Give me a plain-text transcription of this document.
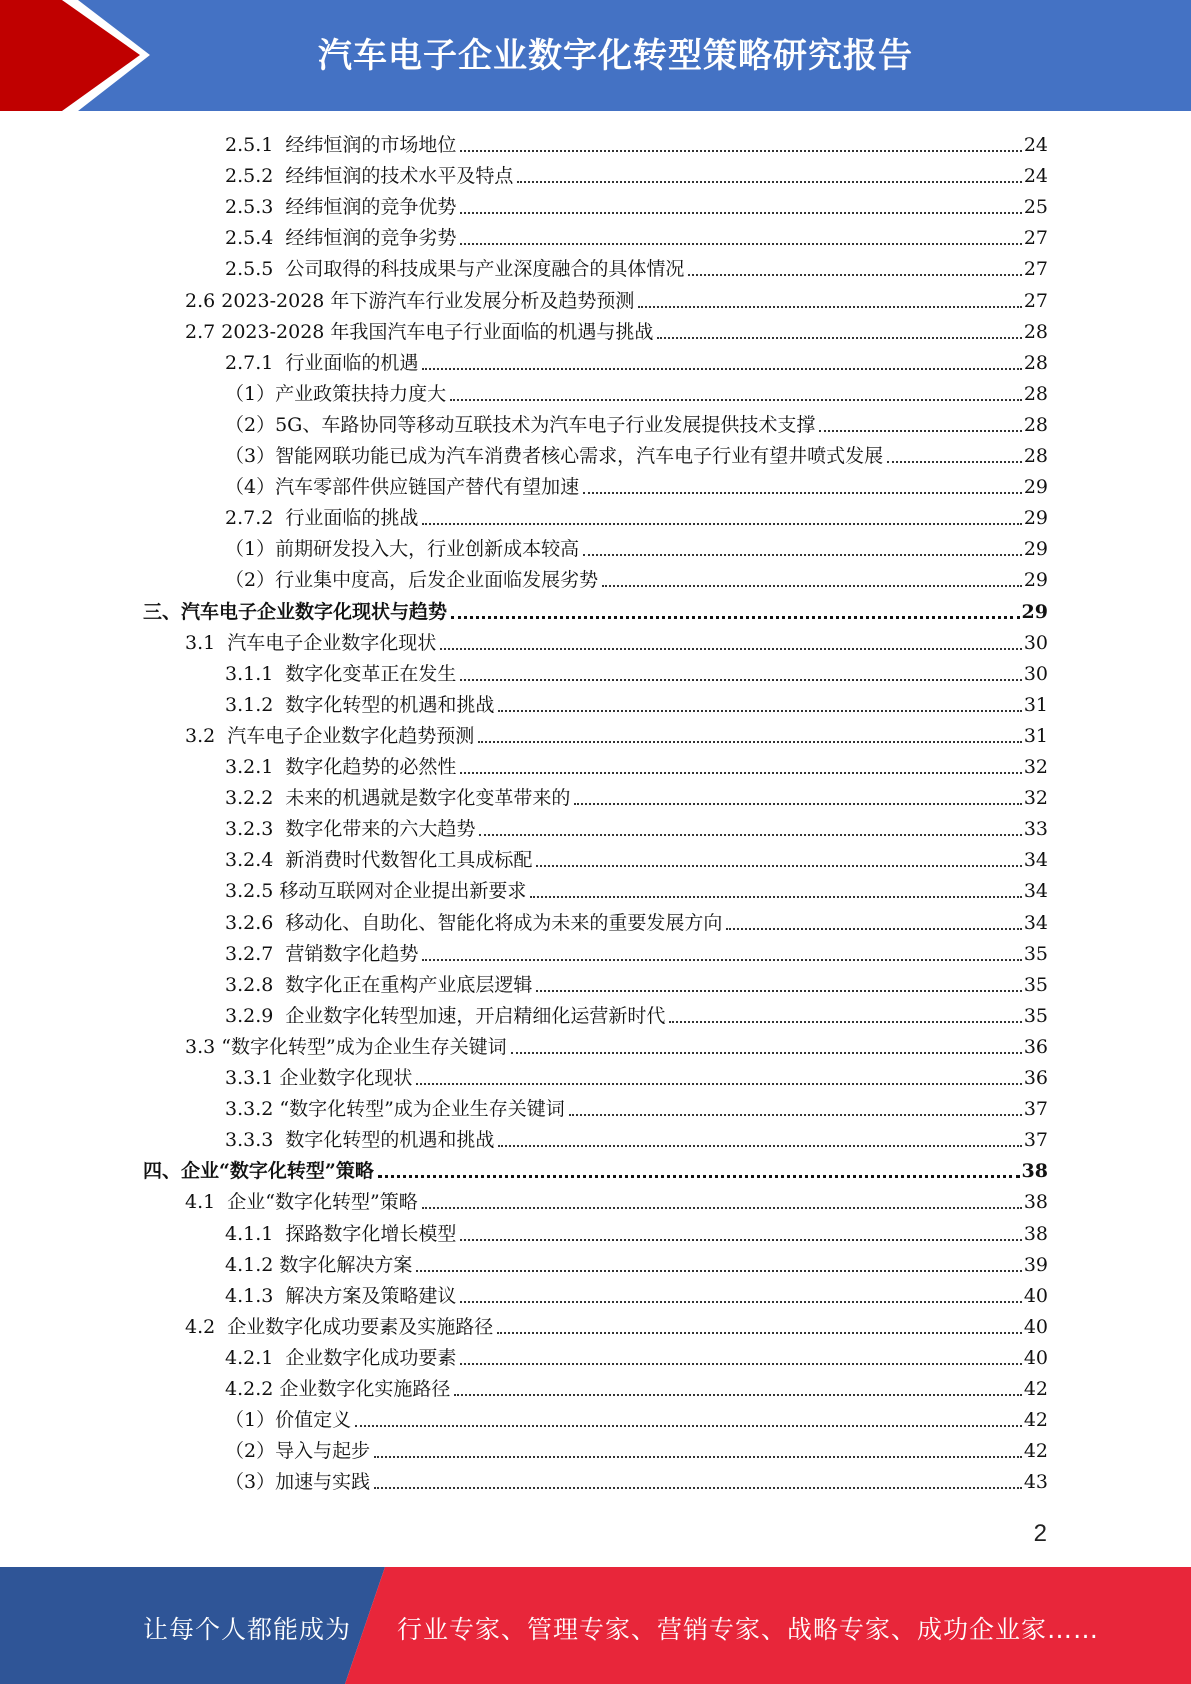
汽车电子企业数字化转型策略研究报告
2.5.1  经纬恒润的市场地位	24
2.5.2  经纬恒润的技术水平及特点	24
2.5.3  经纬恒润的竞争优势	25
2.5.4  经纬恒润的竞争劣势	27
2.5.5  公司取得的科技成果与产业深度融合的具体情况	27
2.6 2023-2028 年下游汽车行业发展分析及趋势预测	27
2.7 2023-2028 年我国汽车电子行业面临的机遇与挑战	28
2.7.1  行业面临的机遇	28
（1）产业政策扶持力度大	28
（2）5G、车路协同等移动互联技术为汽车电子行业发展提供技术支撑	28
（3）智能网联功能已成为汽车消费者核心需求，汽车电子行业有望井喷式发展	28
（4）汽车零部件供应链国产替代有望加速	29
2.7.2  行业面临的挑战	29
（1）前期研发投入大，行业创新成本较高	29
（2）行业集中度高，后发企业面临发展劣势	29
三、汽车电子企业数字化现状与趋势	29
3.1  汽车电子企业数字化现状	30
3.1.1  数字化变革正在发生	30
3.1.2  数字化转型的机遇和挑战	31
3.2  汽车电子企业数字化趋势预测	31
3.2.1  数字化趋势的必然性	32
3.2.2  未来的机遇就是数字化变革带来的	32
3.2.3  数字化带来的六大趋势	33
3.2.4  新消费时代数智化工具成标配	34
3.2.5 移动互联网对企业提出新要求	34
3.2.6  移动化、自助化、智能化将成为未来的重要发展方向	34
3.2.7  营销数字化趋势	35
3.2.8  数字化正在重构产业底层逻辑	35
3.2.9  企业数字化转型加速，开启精细化运营新时代	35
3.3 “数字化转型”成为企业生存关键词	36
3.3.1 企业数字化现状	36
3.3.2 “数字化转型”成为企业生存关键词	37
3.3.3  数字化转型的机遇和挑战	37
四、企业“数字化转型”策略	38
4.1  企业“数字化转型”策略	38
4.1.1  探路数字化增长模型	38
4.1.2 数字化解决方案	39
4.1.3  解决方案及策略建议	40
4.2  企业数字化成功要素及实施路径	40
4.2.1  企业数字化成功要素	40
4.2.2 企业数字化实施路径	42
（1）价值定义	42
（2）导入与起步	42
（3）加速与实践	43
2
让每个人都能成为 行业专家、管理专家、营销专家、战略专家、成功企业家……
